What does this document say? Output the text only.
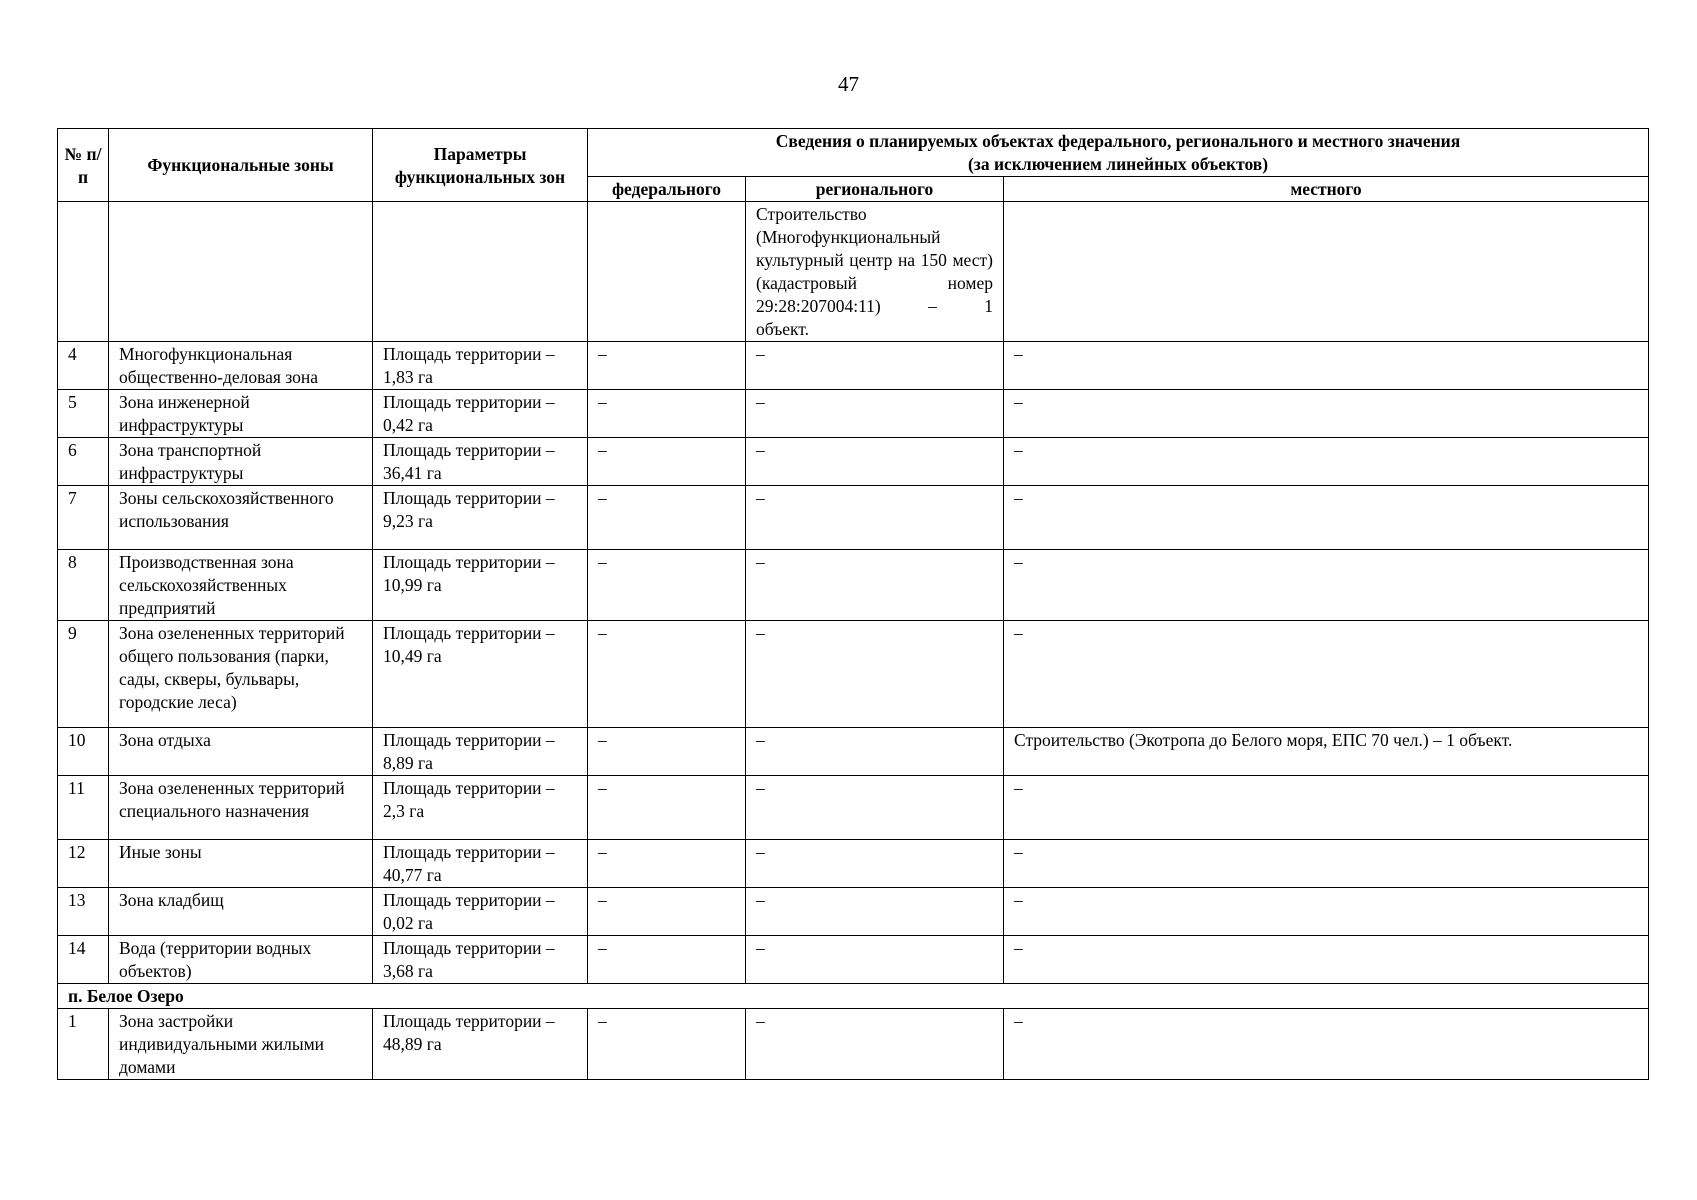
47
№ п/п	Функциональные зоны	Параметры функциональных зон	Сведения о планируемых объектах федерального, регионального и местного значения
(за исключением линейных объектов)		

			федерального	регионального	местного

				Строительство (Многофункциональный культурный центр на 150 мест) (кадастровый номер 29:28:207004:11) – 1
объект.	

4	Многофункциональная общественно-деловая зона	Площадь территории – 1,83 га	–	–	–
5	Зона инженерной инфраструктуры	Площадь территории – 0,42 га	–	–	–
6	Зона транспортной инфраструктуры	Площадь территории – 36,41 га	–	–	–
7	Зоны сельскохозяйственного использования	Площадь территории – 9,23 га	–	–	–
8	Производственная зона сельскохозяйственных предприятий	Площадь территории – 10,99 га	–	–	–
9	Зона озелененных территорий общего пользования (парки, сады, скверы, бульвары, городские леса)	Площадь территории – 10,49 га	–	–	–
10	Зона отдыха	Площадь территории – 8,89 га	–	–	Строительство (Экотропа до Белого моря, ЕПС 70 чел.) – 1 объект.
11	Зона озелененных территорий специального назначения	Площадь территории – 2,3 га	–	–	–
12	Иные зоны	Площадь территории – 40,77 га	–	–	–
13	Зона кладбищ	Площадь территории – 0,02 га	–	–	–
14	Вода (территории водных объектов)	Площадь территории – 3,68 га	–	–	–
п. Белое Озеро					
1	Зона застройки индивидуальными жилыми домами	Площадь территории – 48,89 га	–	–	–
